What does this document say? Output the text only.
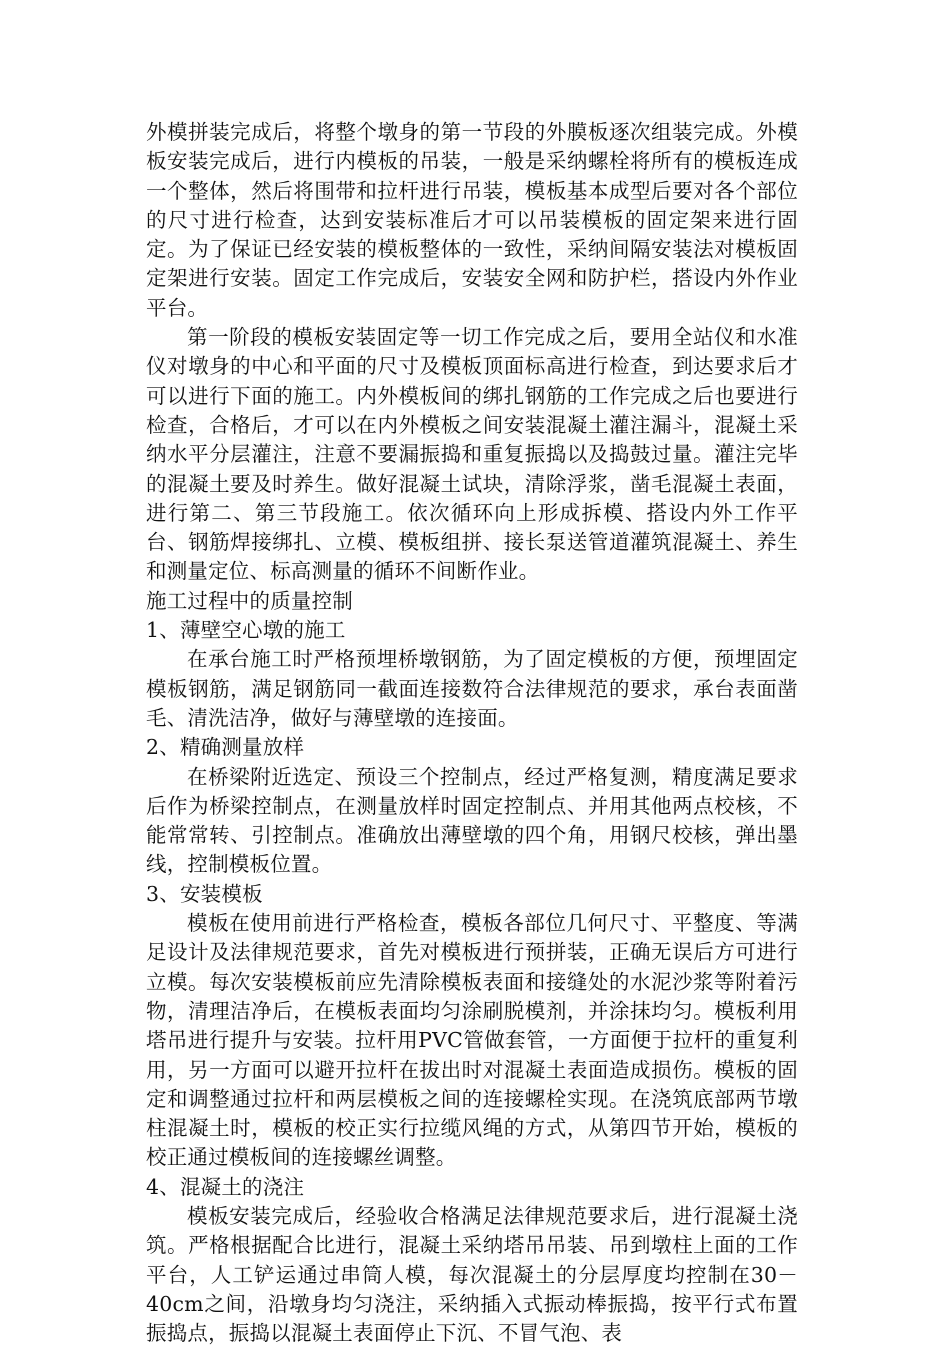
外模拼装完成后，将整个墩身的第一节段的外膜板逐次组装完成。外模板安装完成后，进行内模板的吊装，一般是采纳螺栓将所有的模板连成一个整体，然后将围带和拉杆进行吊装，模板基本成型后要对各个部位的尺寸进行检查，达到安装标准后才可以吊装模板的固定架来进行固定。为了保证已经安装的模板整体的一致性，采纳间隔安装法对模板固定架进行安装。固定工作完成后，安装安全网和防护栏，搭设内外作业平台。

第一阶段的模板安装固定等一切工作完成之后，要用全站仪和水准仪对墩身的中心和平面的尺寸及模板顶面标高进行检查，到达要求后才可以进行下面的施工。内外模板间的绑扎钢筋的工作完成之后也要进行检查，合格后，才可以在内外模板之间安装混凝土灌注漏斗，混凝土采纳水平分层灌注，注意不要漏振捣和重复振捣以及捣鼓过量。灌注完毕的混凝土要及时养生。做好混凝土试块，清除浮浆，凿毛混凝土表面，进行第二、第三节段施工。依次循环向上形成拆模、搭设内外工作平台、钢筋焊接绑扎、立模、模板组拼、接长泵送管道灌筑混凝土、养生和测量定位、标高测量的循环不间断作业。

施工过程中的质量控制

1、薄壁空心墩的施工

在承台施工时严格预埋桥墩钢筋，为了固定模板的方便，预埋固定模板钢筋，满足钢筋同一截面连接数符合法律规范的要求，承台表面凿毛、清洗洁净，做好与薄壁墩的连接面。

2、精确测量放样

在桥梁附近选定、预设三个控制点，经过严格复测，精度满足要求后作为桥梁控制点，在测量放样时固定控制点、并用其他两点校核，不能常常转、引控制点。准确放出薄壁墩的四个角，用钢尺校核，弹出墨线，控制模板位置。

3、安装模板

模板在使用前进行严格检查，模板各部位几何尺寸、平整度、等满足设计及法律规范要求，首先对模板进行预拼装，正确无误后方可进行立模。每次安装模板前应先清除模板表面和接缝处的水泥沙浆等附着污物，清理洁净后，在模板表面均匀涂刷脱模剂，并涂抹均匀。模板利用塔吊进行提升与安装。拉杆用PVC管做套管，一方面便于拉杆的重复利用，另一方面可以避开拉杆在拔出时对混凝土表面造成损伤。模板的固定和调整通过拉杆和两层模板之间的连接螺栓实现。在浇筑底部两节墩柱混凝土时，模板的校正实行拉缆风绳的方式，从第四节开始，模板的校正通过模板间的连接螺丝调整。

4、混凝土的浇注

模板安装完成后，经验收合格满足法律规范要求后，进行混凝土浇筑。严格根据配合比进行，混凝土采纳塔吊吊装、吊到墩柱上面的工作平台，人工铲运通过串筒人模，每次混凝土的分层厚度均控制在30－40cm之间，沿墩身均匀浇注，采纳插入式振动棒振捣，按平行式布置振捣点，振捣以混凝土表面停止下沉、不冒气泡、表
